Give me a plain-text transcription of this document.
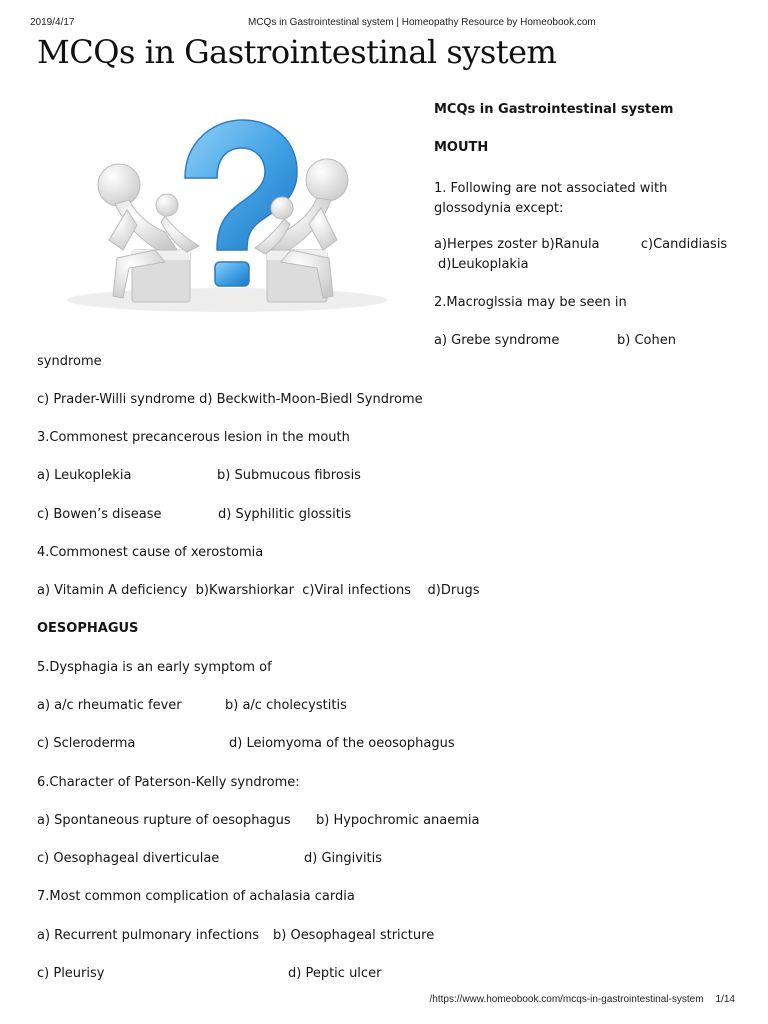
2019/4/17	MCQs in Gastrointestinal system | Homeopathy Resource by Homeobook.com
MCQs in Gastrointestinal system
MCQs in Gastrointestinal system
MOUTH
1. Following are not associated with glossodynia except:
a)Herpes zoster b)Ranula          c)Candidiasis
d)Leukoplakia
2.Macroglssia may be seen in
a) Grebe syndrome	b) Cohen
syndrome
c) Prader-Willi syndrome d) Beckwith-Moon-Biedl Syndrome
3.Commonest precancerous lesion in the mouth
a) Leukoplekia	b) Submucous fibrosis
c) Bowen’s disease	d) Syphilitic glossitis
4.Commonest cause of xerostomia
a) Vitamin A deficiency  b)Kwarshiorkar  c)Viral infections    d)Drugs
OESOPHAGUS
5.Dysphagia is an early symptom of
a) a/c rheumatic fever	b) a/c cholecystitis
c) Scleroderma	d) Leiomyoma of the oeosophagus
6.Character of Paterson-Kelly syndrome:
a) Spontaneous rupture of oesophagus b) Hypochromic anaemia
c) Oesophageal diverticulae	d) Gingivitis
7.Most common complication of achalasia cardia
a) Recurrent pulmonary infections b) Oesophageal stricture
c) Pleurisy	d) Peptic ulcer
/https://www.homeobook.com/mcqs-in-gastrointestinal-system 1/14
